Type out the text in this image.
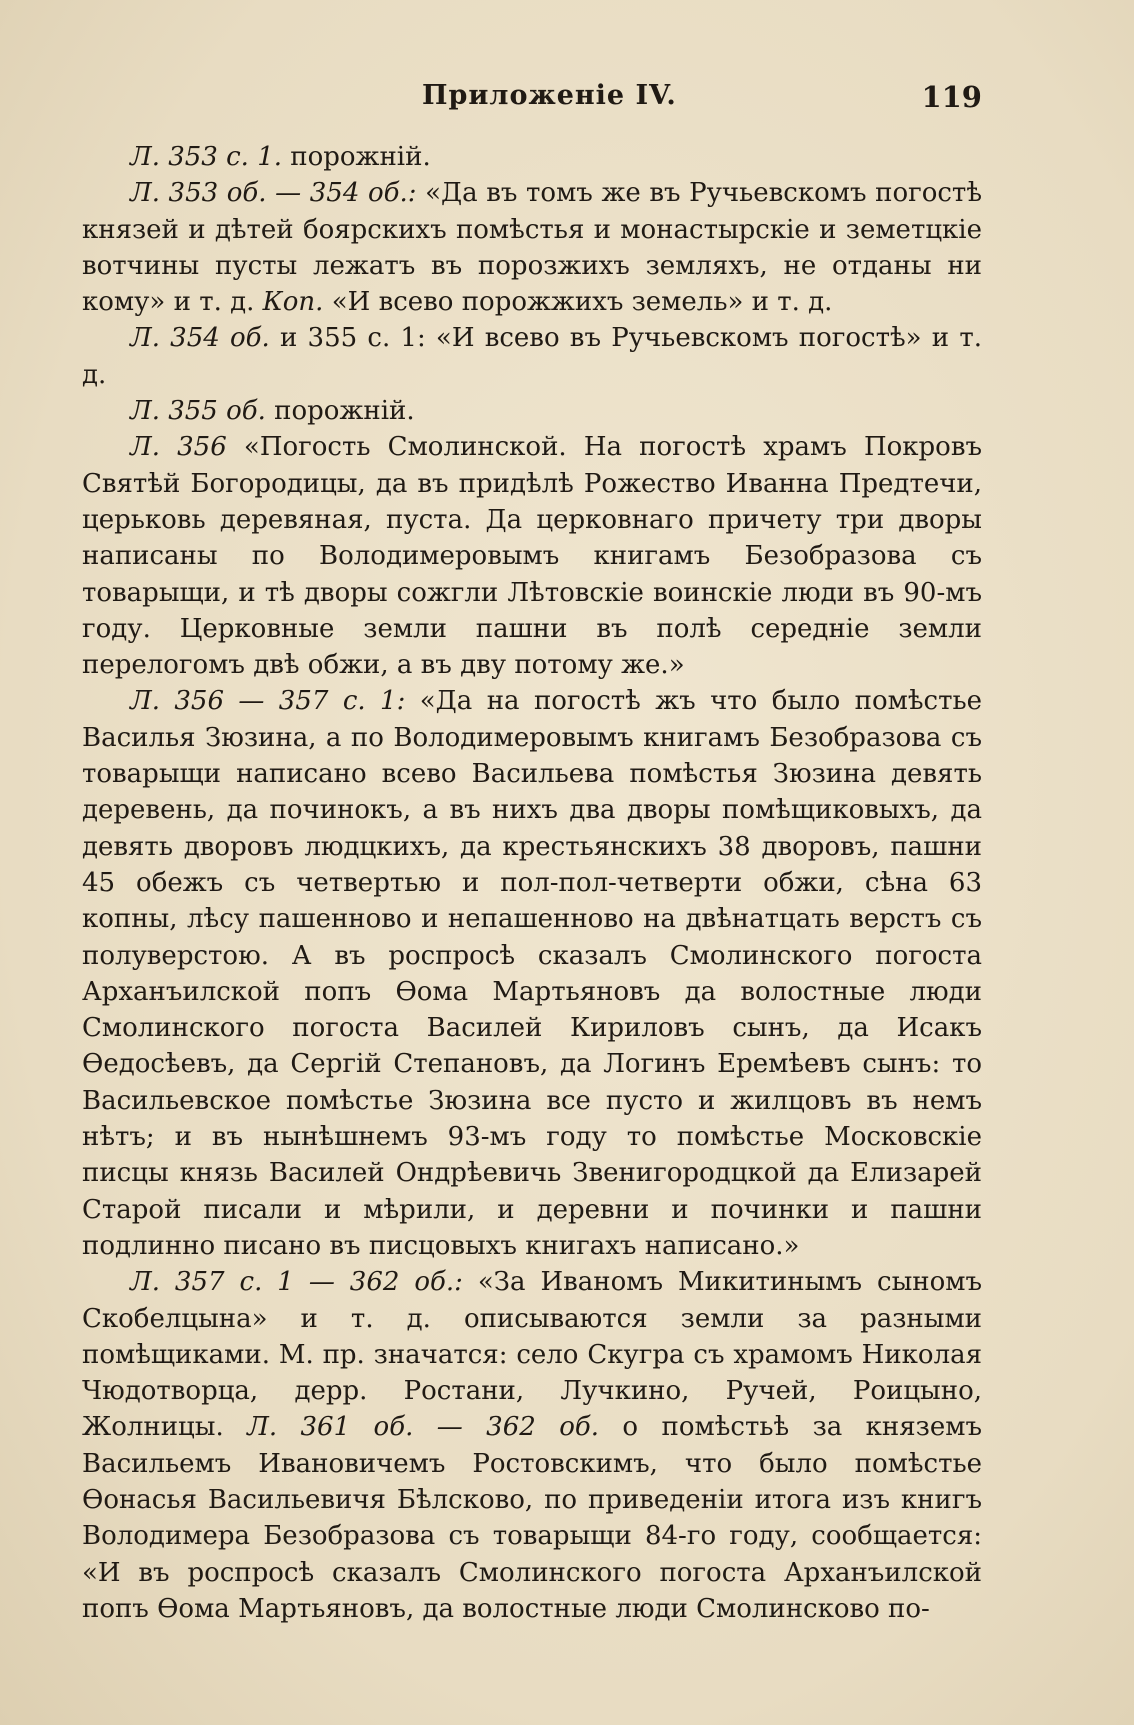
Приложеніе IV.	119

Л. 353 с. 1. порожній.

Л. 353 об. — 354 об.: «Да въ томъ же въ Ручьевскомъ погостѣ князей и дѣтей боярскихъ помѣстья и монастырскіе и земетцкіе вотчины пусты лежатъ въ порозжихъ земляхъ, не отданы ни кому» и т. д. Коп. «И всево порожжихъ земель» и т. д.

Л. 354 об. и 355 с. 1: «И всево въ Ручьевскомъ погостѣ» и т. д.

Л. 355 об. порожній.

Л. 356 «Погость Смолинской. На погостѣ храмъ Покровъ Святѣй Богородицы, да въ придѣлѣ Рожество Иванна Предтечи, церьковь деревяная, пуста. Да церковнаго причету три дворы написаны по Володимеровымъ книгамъ Безобразова съ товарыщи, и тѣ дворы сожгли Лѣтовскіе воинскіе люди въ 90-мъ году. Церковные земли пашни въ полѣ середніе земли перелогомъ двѣ обжи, а въ дву потому же.»

Л. 356 — 357 с. 1: «Да на погостѣ жъ что было помѣстье Василья Зюзина, а по Володимеровымъ книгамъ Безобразова съ товарыщи написано всево Васильева помѣстья Зюзина девять деревень, да починокъ, а въ нихъ два дворы помѣщиковыхъ, да девять дворовъ людцкихъ, да крестьянскихъ 38 дворовъ, пашни 45 обежъ съ четвертью и пол-пол-четверти обжи, сѣна 63 копны, лѣсу пашенново и непашенново на двѣнатцать верстъ съ полуверстою. А въ роспросѣ сказалъ Смолинского погоста Арханъилской попъ Ѳома Мартьяновъ да волостные люди Смолинского погоста Василей Кириловъ сынъ, да Исакъ Ѳедосѣевъ, да Сергій Степановъ, да Логинъ Еремѣевъ сынъ: то Васильевское помѣстье Зюзина все пусто и жилцовъ въ немъ нѣтъ; и въ нынѣшнемъ 93-мъ году то помѣстье Московскіе писцы князь Василей Ондрѣевичь Звенигородцкой да Елизарей Старой писали и мѣрили, и деревни и починки и пашни подлинно писано въ писцовыхъ книгахъ написано.»

Л. 357 с. 1 — 362 об.: «За Иваномъ Микитинымъ сыномъ Скобелцына» и т. д. описываются земли за разными помѣщиками. М. пр. значатся: село Скугра съ храмомъ Николая Чюдотворца, дерр. Ростани, Лучкино, Ручей, Роицыно, Жолницы. Л. 361 об. — 362 об. о помѣстьѣ за княземъ Васильемъ Ивановичемъ Ростовскимъ, что было помѣстье Ѳонасья Васильевичя Бѣлсково, по приведеніи итога изъ книгъ Володимера Безобразова съ товарыщи 84-го году, сообщается: «И въ роспросѣ сказалъ Смолинского погоста Арханъилской попъ Ѳома Мартьяновъ, да волостные люди Смолинсково по-
